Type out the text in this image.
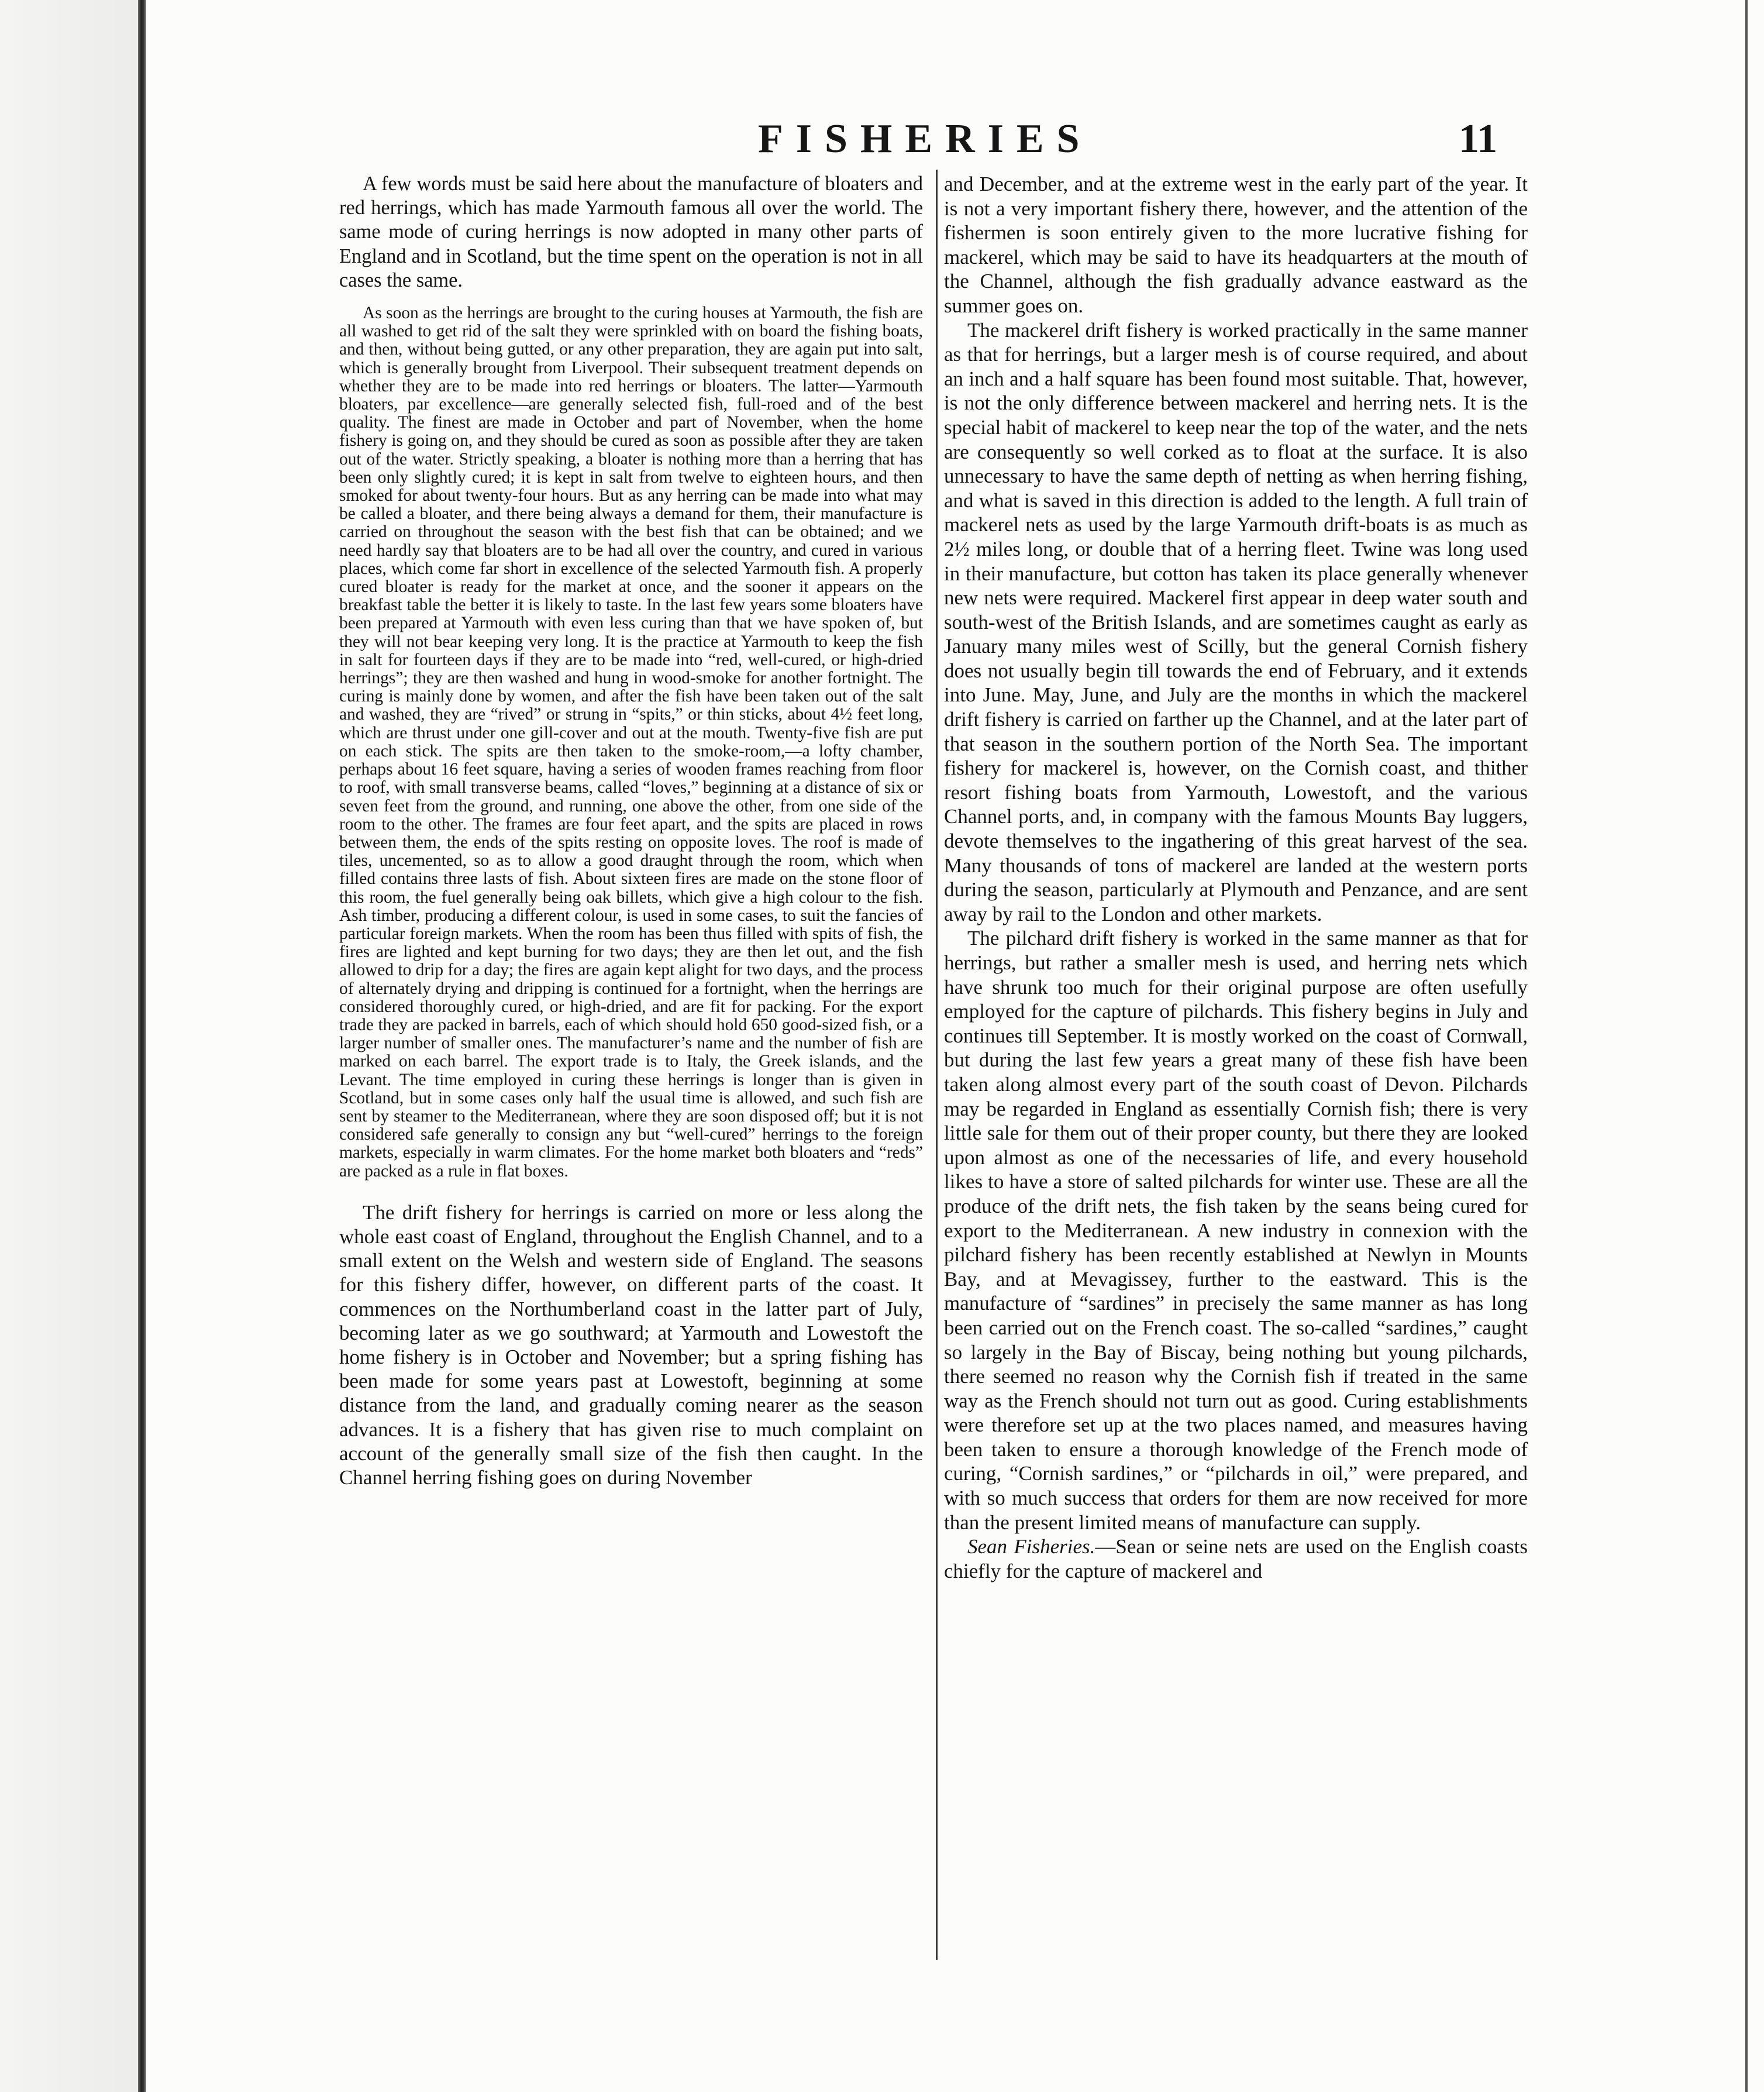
FISHERIES	11

A few words must be said here about the manufacture of bloaters and red herrings, which has made Yarmouth famous all over the world. The same mode of curing herrings is now adopted in many other parts of England and in Scotland, but the time spent on the operation is not in all cases the same.

As soon as the herrings are brought to the curing houses at Yarmouth, the fish are all washed to get rid of the salt they were sprinkled with on board the fishing boats, and then, without being gutted, or any other preparation, they are again put into salt, which is generally brought from Liverpool. Their subsequent treatment depends on whether they are to be made into red herrings or bloaters. The latter—Yarmouth bloaters, par excellence—are generally selected fish, full-roed and of the best quality. The finest are made in October and part of November, when the home fishery is going on, and they should be cured as soon as possible after they are taken out of the water. Strictly speaking, a bloater is nothing more than a herring that has been only slightly cured; it is kept in salt from twelve to eighteen hours, and then smoked for about twenty-four hours. But as any herring can be made into what may be called a bloater, and there being always a demand for them, their manufacture is carried on throughout the season with the best fish that can be obtained; and we need hardly say that bloaters are to be had all over the country, and cured in various places, which come far short in excellence of the selected Yarmouth fish. A properly cured bloater is ready for the market at once, and the sooner it appears on the breakfast table the better it is likely to taste. In the last few years some bloaters have been prepared at Yarmouth with even less curing than that we have spoken of, but they will not bear keeping very long. It is the practice at Yarmouth to keep the fish in salt for fourteen days if they are to be made into “red, well-cured, or high-dried herrings”; they are then washed and hung in wood-smoke for another fortnight. The curing is mainly done by women, and after the fish have been taken out of the salt and washed, they are “rived” or strung in “spits,” or thin sticks, about 4½ feet long, which are thrust under one gill-cover and out at the mouth. Twenty-five fish are put on each stick. The spits are then taken to the smoke-room,—a lofty chamber, perhaps about 16 feet square, having a series of wooden frames reaching from floor to roof, with small transverse beams, called “loves,” beginning at a distance of six or seven feet from the ground, and running, one above the other, from one side of the room to the other. The frames are four feet apart, and the spits are placed in rows between them, the ends of the spits resting on opposite loves. The roof is made of tiles, uncemented, so as to allow a good draught through the room, which when filled contains three lasts of fish. About sixteen fires are made on the stone floor of this room, the fuel generally being oak billets, which give a high colour to the fish. Ash timber, producing a different colour, is used in some cases, to suit the fancies of particular foreign markets. When the room has been thus filled with spits of fish, the fires are lighted and kept burning for two days; they are then let out, and the fish allowed to drip for a day; the fires are again kept alight for two days, and the process of alternately drying and dripping is continued for a fortnight, when the herrings are considered thoroughly cured, or high-dried, and are fit for packing. For the export trade they are packed in barrels, each of which should hold 650 good-sized fish, or a larger number of smaller ones. The manufacturer’s name and the number of fish are marked on each barrel. The export trade is to Italy, the Greek islands, and the Levant. The time employed in curing these herrings is longer than is given in Scotland, but in some cases only half the usual time is allowed, and such fish are sent by steamer to the Mediterranean, where they are soon disposed off; but it is not considered safe generally to consign any but “well-cured” herrings to the foreign markets, especially in warm climates. For the home market both bloaters and “reds” are packed as a rule in flat boxes.

The drift fishery for herrings is carried on more or less along the whole east coast of England, throughout the English Channel, and to a small extent on the Welsh and western side of England. The seasons for this fishery differ, however, on different parts of the coast. It commences on the Northumberland coast in the latter part of July, becoming later as we go southward; at Yarmouth and Lowestoft the home fishery is in October and November; but a spring fishing has been made for some years past at Lowestoft, beginning at some distance from the land, and gradually coming nearer as the season advances. It is a fishery that has given rise to much complaint on account of the generally small size of the fish then caught. In the Channel herring fishing goes on during November

and December, and at the extreme west in the early part of the year. It is not a very important fishery there, however, and the attention of the fishermen is soon entirely given to the more lucrative fishing for mackerel, which may be said to have its headquarters at the mouth of the Channel, although the fish gradually advance eastward as the summer goes on.

The mackerel drift fishery is worked practically in the same manner as that for herrings, but a larger mesh is of course required, and about an inch and a half square has been found most suitable. That, however, is not the only difference between mackerel and herring nets. It is the special habit of mackerel to keep near the top of the water, and the nets are consequently so well corked as to float at the surface. It is also unnecessary to have the same depth of netting as when herring fishing, and what is saved in this direction is added to the length. A full train of mackerel nets as used by the large Yarmouth drift-boats is as much as 2½ miles long, or double that of a herring fleet. Twine was long used in their manufacture, but cotton has taken its place generally whenever new nets were required. Mackerel first appear in deep water south and south-west of the British Islands, and are sometimes caught as early as January many miles west of Scilly, but the general Cornish fishery does not usually begin till towards the end of February, and it extends into June. May, June, and July are the months in which the mackerel drift fishery is carried on farther up the Channel, and at the later part of that season in the southern portion of the North Sea. The important fishery for mackerel is, however, on the Cornish coast, and thither resort fishing boats from Yarmouth, Lowestoft, and the various Channel ports, and, in company with the famous Mounts Bay luggers, devote themselves to the ingathering of this great harvest of the sea. Many thousands of tons of mackerel are landed at the western ports during the season, particularly at Plymouth and Penzance, and are sent away by rail to the London and other markets.

The pilchard drift fishery is worked in the same manner as that for herrings, but rather a smaller mesh is used, and herring nets which have shrunk too much for their original purpose are often usefully employed for the capture of pilchards. This fishery begins in July and continues till September. It is mostly worked on the coast of Cornwall, but during the last few years a great many of these fish have been taken along almost every part of the south coast of Devon. Pilchards may be regarded in England as essentially Cornish fish; there is very little sale for them out of their proper county, but there they are looked upon almost as one of the necessaries of life, and every household likes to have a store of salted pilchards for winter use. These are all the produce of the drift nets, the fish taken by the seans being cured for export to the Mediterranean. A new industry in connexion with the pilchard fishery has been recently established at Newlyn in Mounts Bay, and at Mevagissey, further to the eastward. This is the manufacture of “sardines” in precisely the same manner as has long been carried out on the French coast. The so-called “sardines,” caught so largely in the Bay of Biscay, being nothing but young pilchards, there seemed no reason why the Cornish fish if treated in the same way as the French should not turn out as good. Curing establishments were therefore set up at the two places named, and measures having been taken to ensure a thorough knowledge of the French mode of curing, “Cornish sardines,” or “pilchards in oil,” were prepared, and with so much success that orders for them are now received for more than the present limited means of manufacture can supply.

Sean Fisheries.—Sean or seine nets are used on the English coasts chiefly for the capture of mackerel and
